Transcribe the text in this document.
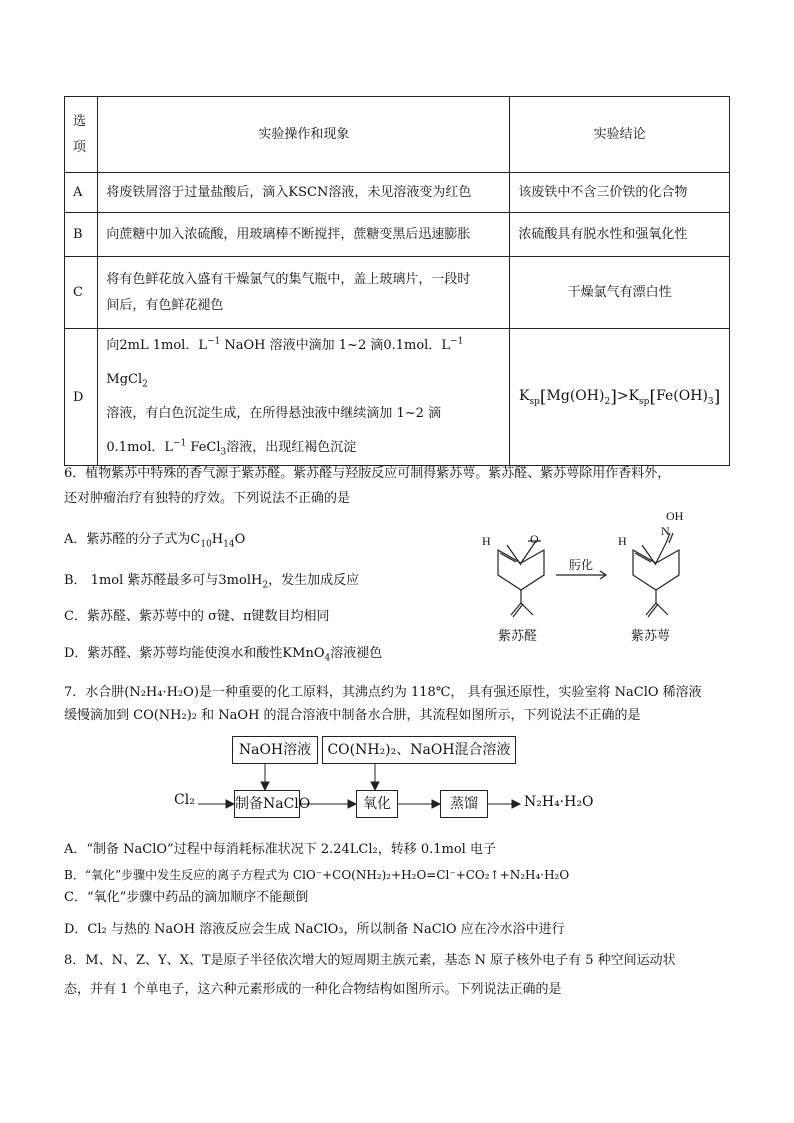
选项	实验操作和现象	实验结论
A	将废铁屑溶于过量盐酸后，滴入KSCN溶液，未见溶液变为红色	该废铁中不含三价铁的化合物
B	向蔗糖中加入浓硫酸，用玻璃棒不断搅拌，蔗糖变黑后迅速膨胀	浓硫酸具有脱水性和强氧化性
C	将有色鲜花放入盛有干燥氯气的集气瓶中，盖上玻璃片，一段时
间后，有色鲜花褪色	干燥氯气有漂白性
D	向2mL 1mol．$L^{-1}$ NaOH 溶液中滴加 1~2 滴0.1mol．$L^{-1}$ MgCl$_2$
溶液，有白色沉淀生成，在所得悬浊液中继续滴加 1~2 滴
0.1mol．$L^{-1}$ FeCl$_3$溶液，出现红褐色沉淀	$K_{sp}[Mg(OH)_2]>K_{sp}[Fe(OH)_3]$
6．植物紫苏中特殊的香气源于紫苏醛。紫苏醛与羟胺反应可制得紫苏萼。紫苏醛、紫苏萼除用作香料外，
还对肿瘤治疗有独特的疗效。下列说法不正确的是
A．紫苏醛的分子式为$C_{10}H_{14}O$
B． 1mol 紫苏醛最多可与3molH$_2$，发生加成反应
C．紫苏醛、紫苏萼中的 σ键、π键数目均相同
D．紫苏醛、紫苏萼均能使溴水和酸性KMnO$_4$溶液褪色
H	O	H
N
OH
肟化
紫苏醛	紫苏萼
7．水合肼(N₂H₄·H₂O)是一种重要的化工原料，其沸点约为 118℃， 具有强还原性，实验室将 NaClO 稀溶液
缓慢滴加到 CO(NH₂)₂ 和 NaOH 的混合溶液中制备水合肼，其流程如图所示，下列说法不正确的是
NaOH溶液	CO(NH₂)₂、NaOH混合溶液
Cl₂	制备NaClO	氧化	蒸馏	N₂H₄·H₂O
A．“制备 NaClO”过程中每消耗标准状况下 2.24LCl₂，转移 0.1mol 电子
B．“氧化”步骤中发生反应的离子方程式为 ClO⁻+CO(NH₂)₂+H₂O=Cl⁻+CO₂↑+N₂H₄·H₂O
C．“氧化”步骤中药品的滴加顺序不能颠倒
D．Cl₂ 与热的 NaOH 溶液反应会生成 NaClO₃，所以制备 NaClO 应在冷水浴中进行
8．M、N、Z、Y、X、T是原子半径依次增大的短周期主族元素，基态 N 原子核外电子有 5 种空间运动状
态，并有 1 个单电子，这六种元素形成的一种化合物结构如图所示。下列说法正确的是
